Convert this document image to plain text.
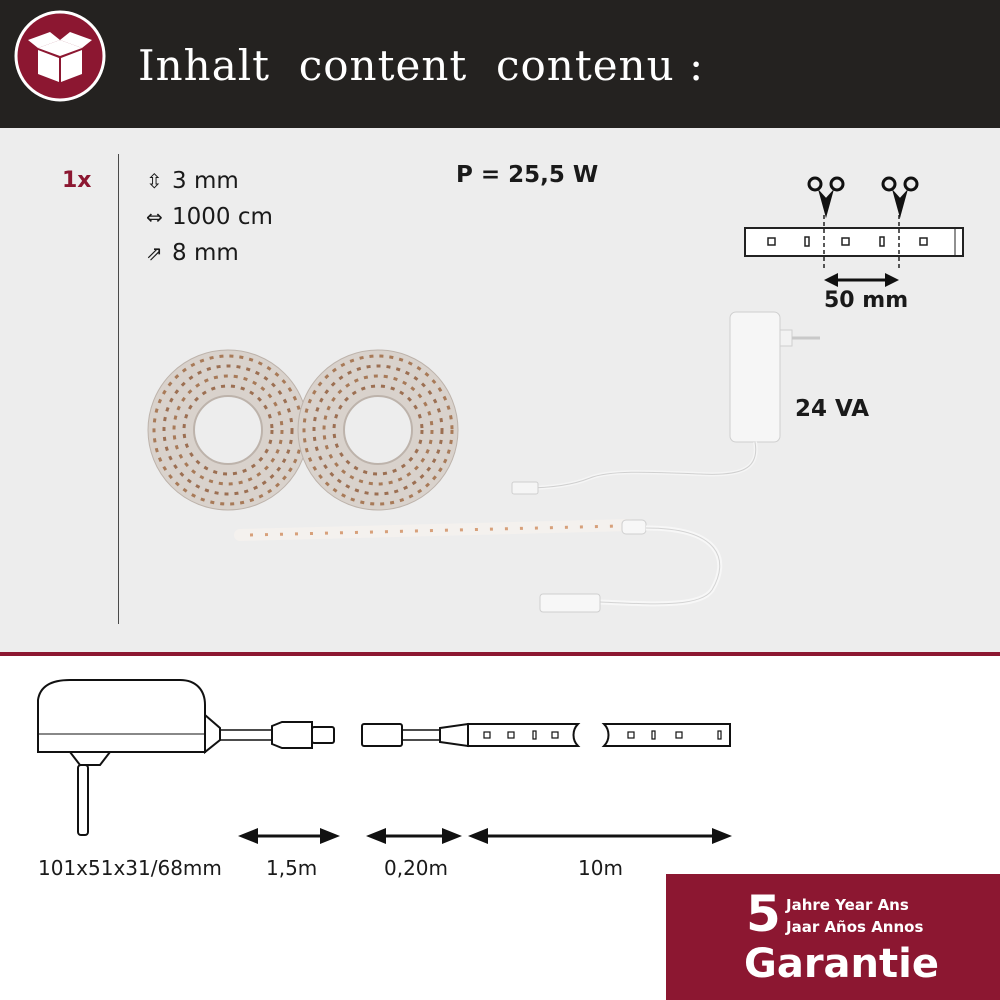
Inhalt  content  contenu :
1x	⇳ 3 mm
⇔ 1000 cm
⇗ 8 mm
P = 25,5 W
50 mm
24 VA
101x51x31/68mm 1,5m	0,20m	10m
5 Jahre Year Ans
Jaar Años Annos
Garantie
